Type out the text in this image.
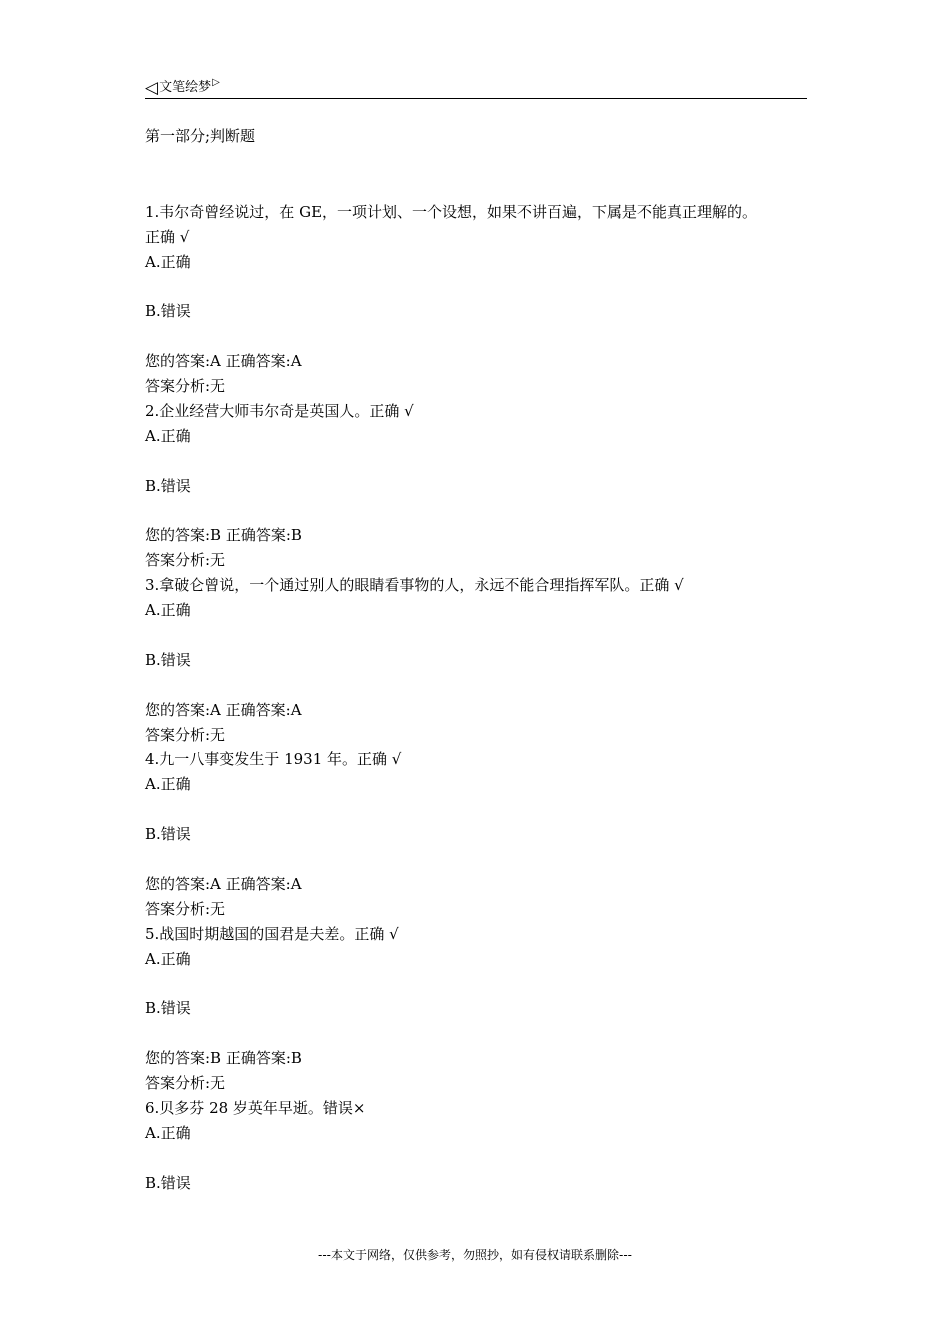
◁文笔绘梦▷
第一部分;判断题
1.韦尔奇曾经说过，在 GE，一项计划、一个设想，如果不讲百遍，下属是不能真正理解的。
正确 √
A.正确
B.错误
您的答案:A 正确答案:A
答案分析:无
2.企业经营大师韦尔奇是英国人。正确 √
A.正确
B.错误
您的答案:B 正确答案:B
答案分析:无
3.拿破仑曾说，一个通过别人的眼睛看事物的人，永远不能合理指挥军队。正确 √
A.正确
B.错误
您的答案:A 正确答案:A
答案分析:无
4.九一八事变发生于 1931 年。正确 √
A.正确
B.错误
您的答案:A 正确答案:A
答案分析:无
5.战国时期越国的国君是夫差。正确 √
A.正确
B.错误
您的答案:B 正确答案:B
答案分析:无
6.贝多芬 28 岁英年早逝。错误×
A.正确
B.错误
---本文于网络，仅供参考，勿照抄，如有侵权请联系删除---
